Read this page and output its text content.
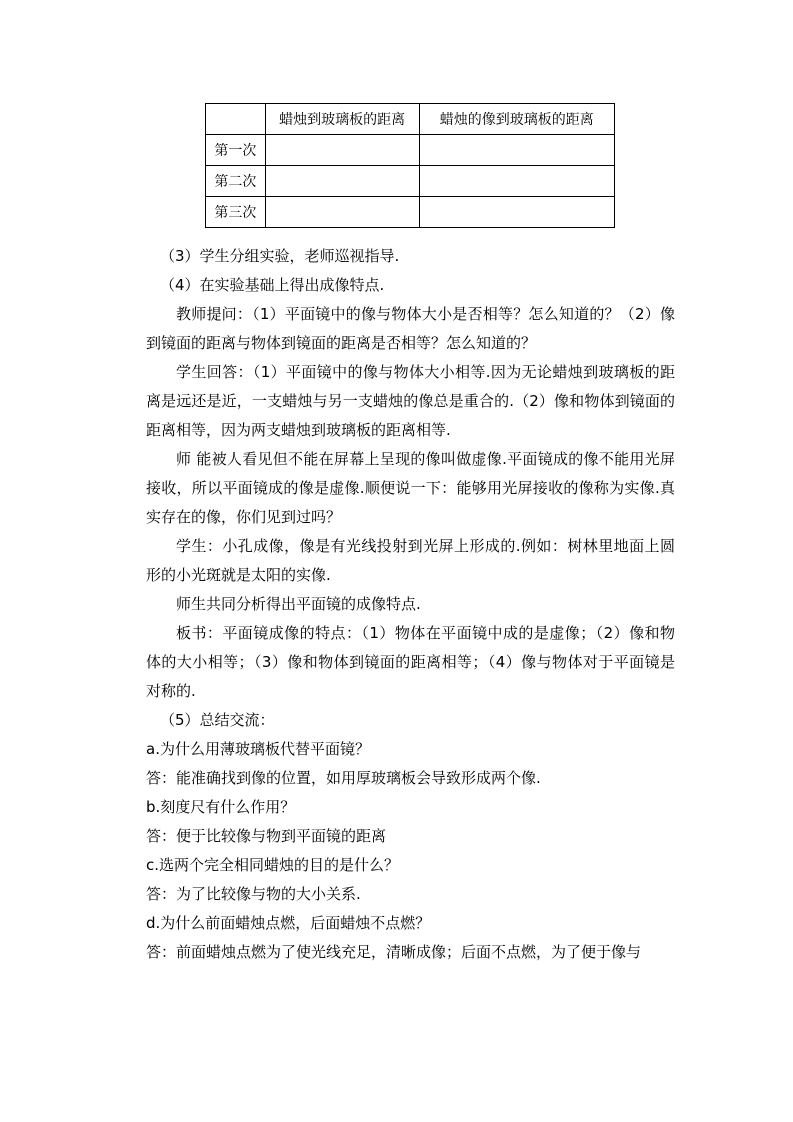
	蜡烛到玻璃板的距离	蜡烛的像到玻璃板的距离
第一次		
第二次		
第三次		

（3）学生分组实验，老师巡视指导.

（4）在实验基础上得出成像特点.

教师提问：（1）平面镜中的像与物体大小是否相等？怎么知道的？（2）像到镜面的距离与物体到镜面的距离是否相等？怎么知道的？

学生回答：（1）平面镜中的像与物体大小相等.因为无论蜡烛到玻璃板的距离是远还是近，一支蜡烛与另一支蜡烛的像总是重合的.（2）像和物体到镜面的距离相等，因为两支蜡烛到玻璃板的距离相等.

师 能被人看见但不能在屏幕上呈现的像叫做虚像.平面镜成的像不能用光屏接收，所以平面镜成的像是虚像.顺便说一下：能够用光屏接收的像称为实像.真实存在的像，你们见到过吗？

学生：小孔成像，像是有光线投射到光屏上形成的.例如：树林里地面上圆形的小光斑就是太阳的实像.

师生共同分析得出平面镜的成像特点.

板书：平面镜成像的特点：（1）物体在平面镜中成的是虚像；（2）像和物体的大小相等；（3）像和物体到镜面的距离相等；（4）像与物体对于平面镜是对称的.

（5）总结交流：

a.为什么用薄玻璃板代替平面镜？

答：能准确找到像的位置，如用厚玻璃板会导致形成两个像.

b.刻度尺有什么作用？

答：便于比较像与物到平面镜的距离

c.选两个完全相同蜡烛的目的是什么？

答：为了比较像与物的大小关系.

d.为什么前面蜡烛点燃，后面蜡烛不点燃？

答：前面蜡烛点燃为了使光线充足，清晰成像；后面不点燃，为了便于像与
